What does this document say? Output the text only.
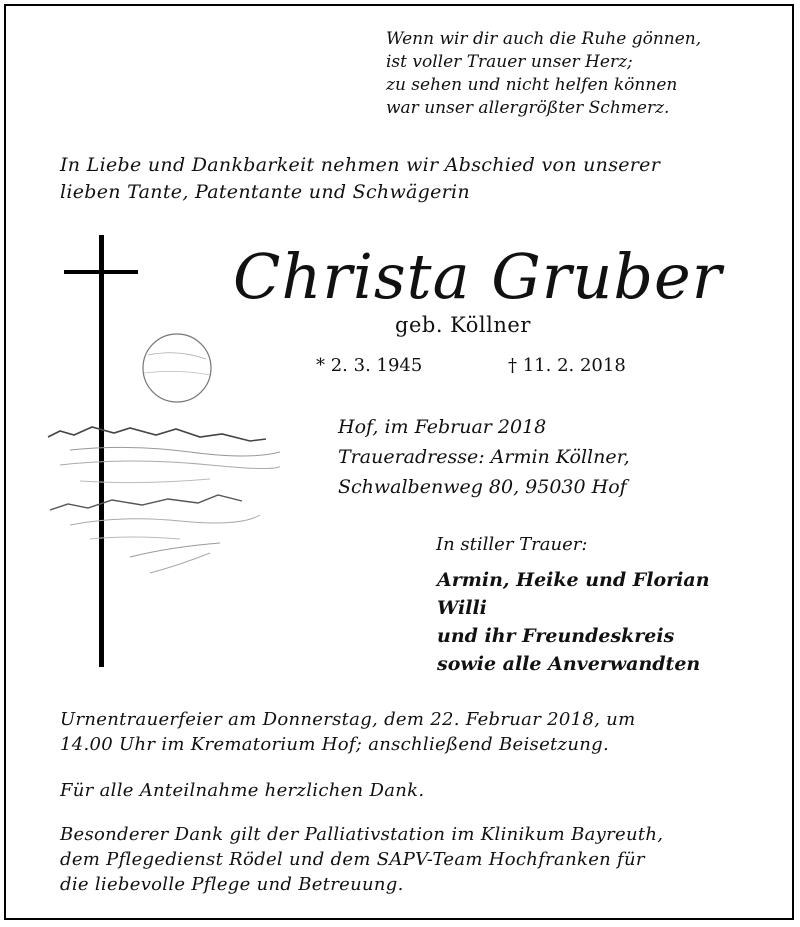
Wenn wir dir auch die Ruhe gönnen,
ist voller Trauer unser Herz;
zu sehen und nicht helfen können
war unser allergrößter Schmerz.
In Liebe und Dankbarkeit nehmen wir Abschied von unserer
lieben Tante, Patentante und Schwägerin
Christa Gruber
geb. Köllner
* 2. 3. 1945	† 11. 2. 2018
Hof, im Februar 2018
Traueradresse: Armin Köllner,
Schwalbenweg 80, 95030 Hof
In stiller Trauer:
Armin, Heike und Florian
Willi
und ihr Freundeskreis
sowie alle Anverwandten
Urnentrauerfeier am Donnerstag, dem 22. Februar 2018, um
14.00 Uhr im Krematorium Hof; anschließend Beisetzung.
Für alle Anteilnahme herzlichen Dank.
Besonderer Dank gilt der Palliativstation im Klinikum Bayreuth,
dem Pflegedienst Rödel und dem SAPV-Team Hochfranken für
die liebevolle Pflege und Betreuung.
